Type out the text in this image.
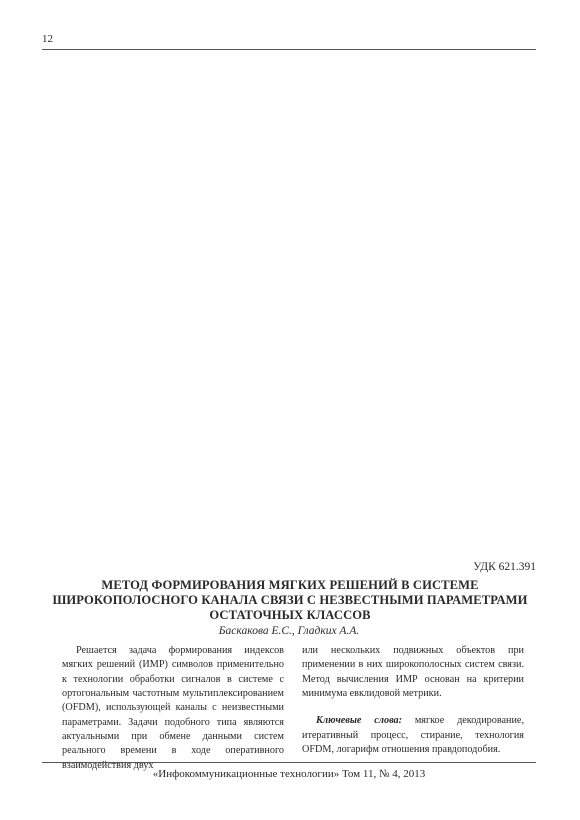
12
УДК 621.391
МЕТОД ФОРМИРОВАНИЯ МЯГКИХ РЕШЕНИЙ В СИСТЕМЕ ШИРОКОПОЛОСНОГО КАНАЛА СВЯЗИ С НЕЗВЕСТНЫМИ ПАРАМЕТРАМИ ОСТАТОЧНЫХ КЛАССОВ
Баскакова Е.С., Гладких А.А.

Решается задача формирования индексов мягких решений (ИМР) символов применительно к технологии обработки сигналов в системе с ортогональным частотным мультиплексированием (OFDM), использующей каналы с неизвестными параметрами. Задачи подобного типа являются актуальными при обмене данными систем реального времени в ходе оперативного взаимодействия двух

или нескольких подвижных объектов при применении в них широкополосных систем связи. Метод вычисления ИМР основан на критерии минимума евклидовой метрики.

Ключевые слова: мягкое декодирование, итеративный процесс, стирание, технология OFDM, логарифм отношения правдоподобия.

«Инфокоммуникационные технологии» Том 11, № 4, 2013
